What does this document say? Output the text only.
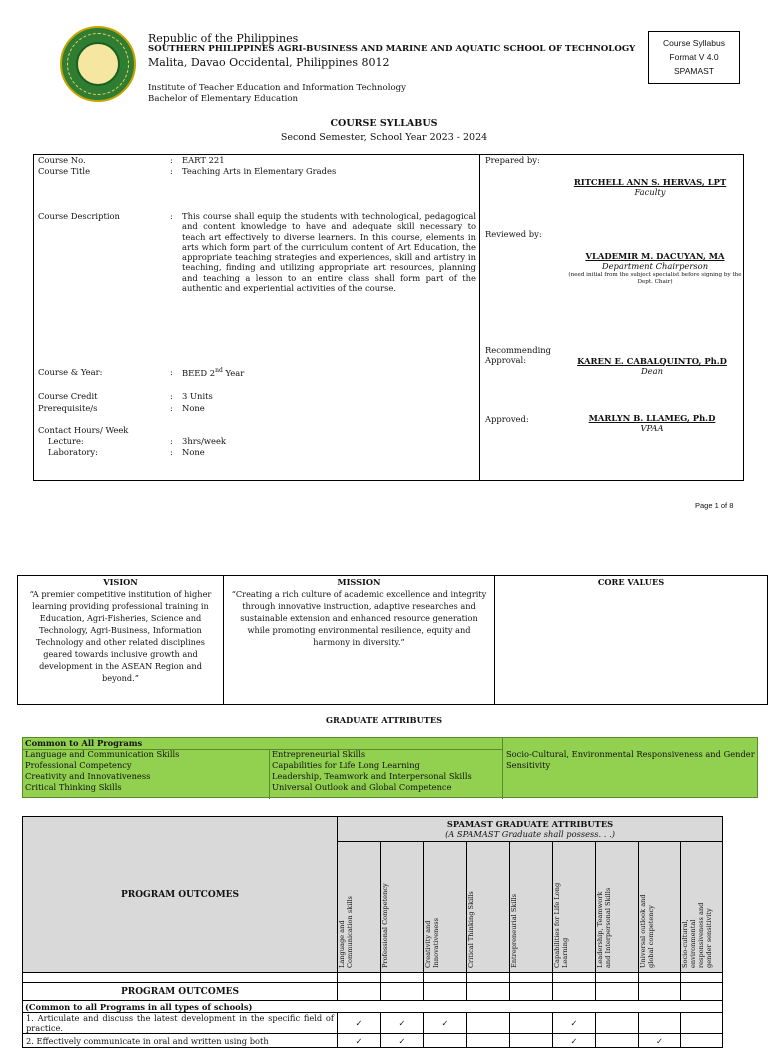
Republic of the Philippines
SOUTHERN PHILIPPINES AGRI-BUSINESS AND MARINE AND AQUATIC SCHOOL OF TECHNOLOGY
Malita, Davao Occidental, Philippines 8012
Institute of Teacher Education and Information Technology
Bachelor of Elementary Education
Course Syllabus
Format V 4.0
SPAMAST
COURSE SYLLABUS
Second Semester, School Year 2023 - 2024
Course No.	: EART 221
Course Title	: Teaching Arts in Elementary Grades
Course Description	: This course shall equip the students with technological, pedagogical and content knowledge to have and adequate skill necessary to teach art effectively to diverse learners. In this course, elements in arts which form part of the curriculum content of Art Education, the appropriate teaching strategies and experiences, skill and artistry in teaching, finding and utilizing appropriate art resources, planning and teaching a lesson to an entire class shall form part of the authentic and experiential activities of the course.
Course & Year:	: BEED 2nd Year
Course Credit	: 3 Units
Prerequisite/s	: None
Contact Hours/ Week
Lecture:	: 3hrs/week
Laboratory:	: None
Prepared by:
RITCHELL ANN S. HERVAS, LPT
Faculty
Reviewed by:
VLADEMIR M. DACUYAN, MA
Department Chairperson
(need initial from the subject specialist before signing by the Dept. Chair)
Recommending
Approval:	KAREN E. CABALQUINTO, Ph.D
Dean
Approved:	MARLYN B. LLAMEG, Ph.D
VPAA
Page 1 of 8
VISION
“A premier competitive institution of higher learning providing professional training in Education, Agri-Fisheries, Science and Technology, Agri-Business, Information Technology and other related disciplines geared towards inclusive growth and development in the ASEAN Region and beyond.”

MISSION
“Creating a rich culture of academic excellence and integrity through innovative instruction, adaptive researches and sustainable extension and enhanced resource generation while promoting environmental resilience, equity and harmony in diversity.”

CORE VALUES
GRADUATE ATTRIBUTES
Common to All Programs
Language and Communication Skills
Professional Competency
Creativity and Innovativeness
Critical Thinking Skills
Entrepreneurial Skills
Capabilities for Life Long Learning
Leadership, Teamwork and Interpersonal Skills
Universal Outlook and Global Competence
Socio-Cultural, Environmental Responsiveness and Gender Sensitivity
PROGRAM OUTCOMES	SPAMAST GRADUATE ATTRIBUTES
(A SPAMAST Graduate shall possess. . .)								

	Language and
Communication skills	Professional Competency	Creativity and
Innovativeness	Critical Thinking Skills	Entrepreneurial Skills	Capabilities for Life Long
Learning	Leadership, Teamwork
and Interpersonal Skills	Universal outlook and
global competency	Socio-cultural,
environmental
responsiveness and
gender sensitivity

PROGRAM OUTCOMES									
(Common to all Programs in all types of schools)									
1. Articulate and discuss the latest development in the specific field of practice.	✓	✓	✓			✓			
2. Effectively communicate in oral and written using both	✓	✓				✓		✓	
